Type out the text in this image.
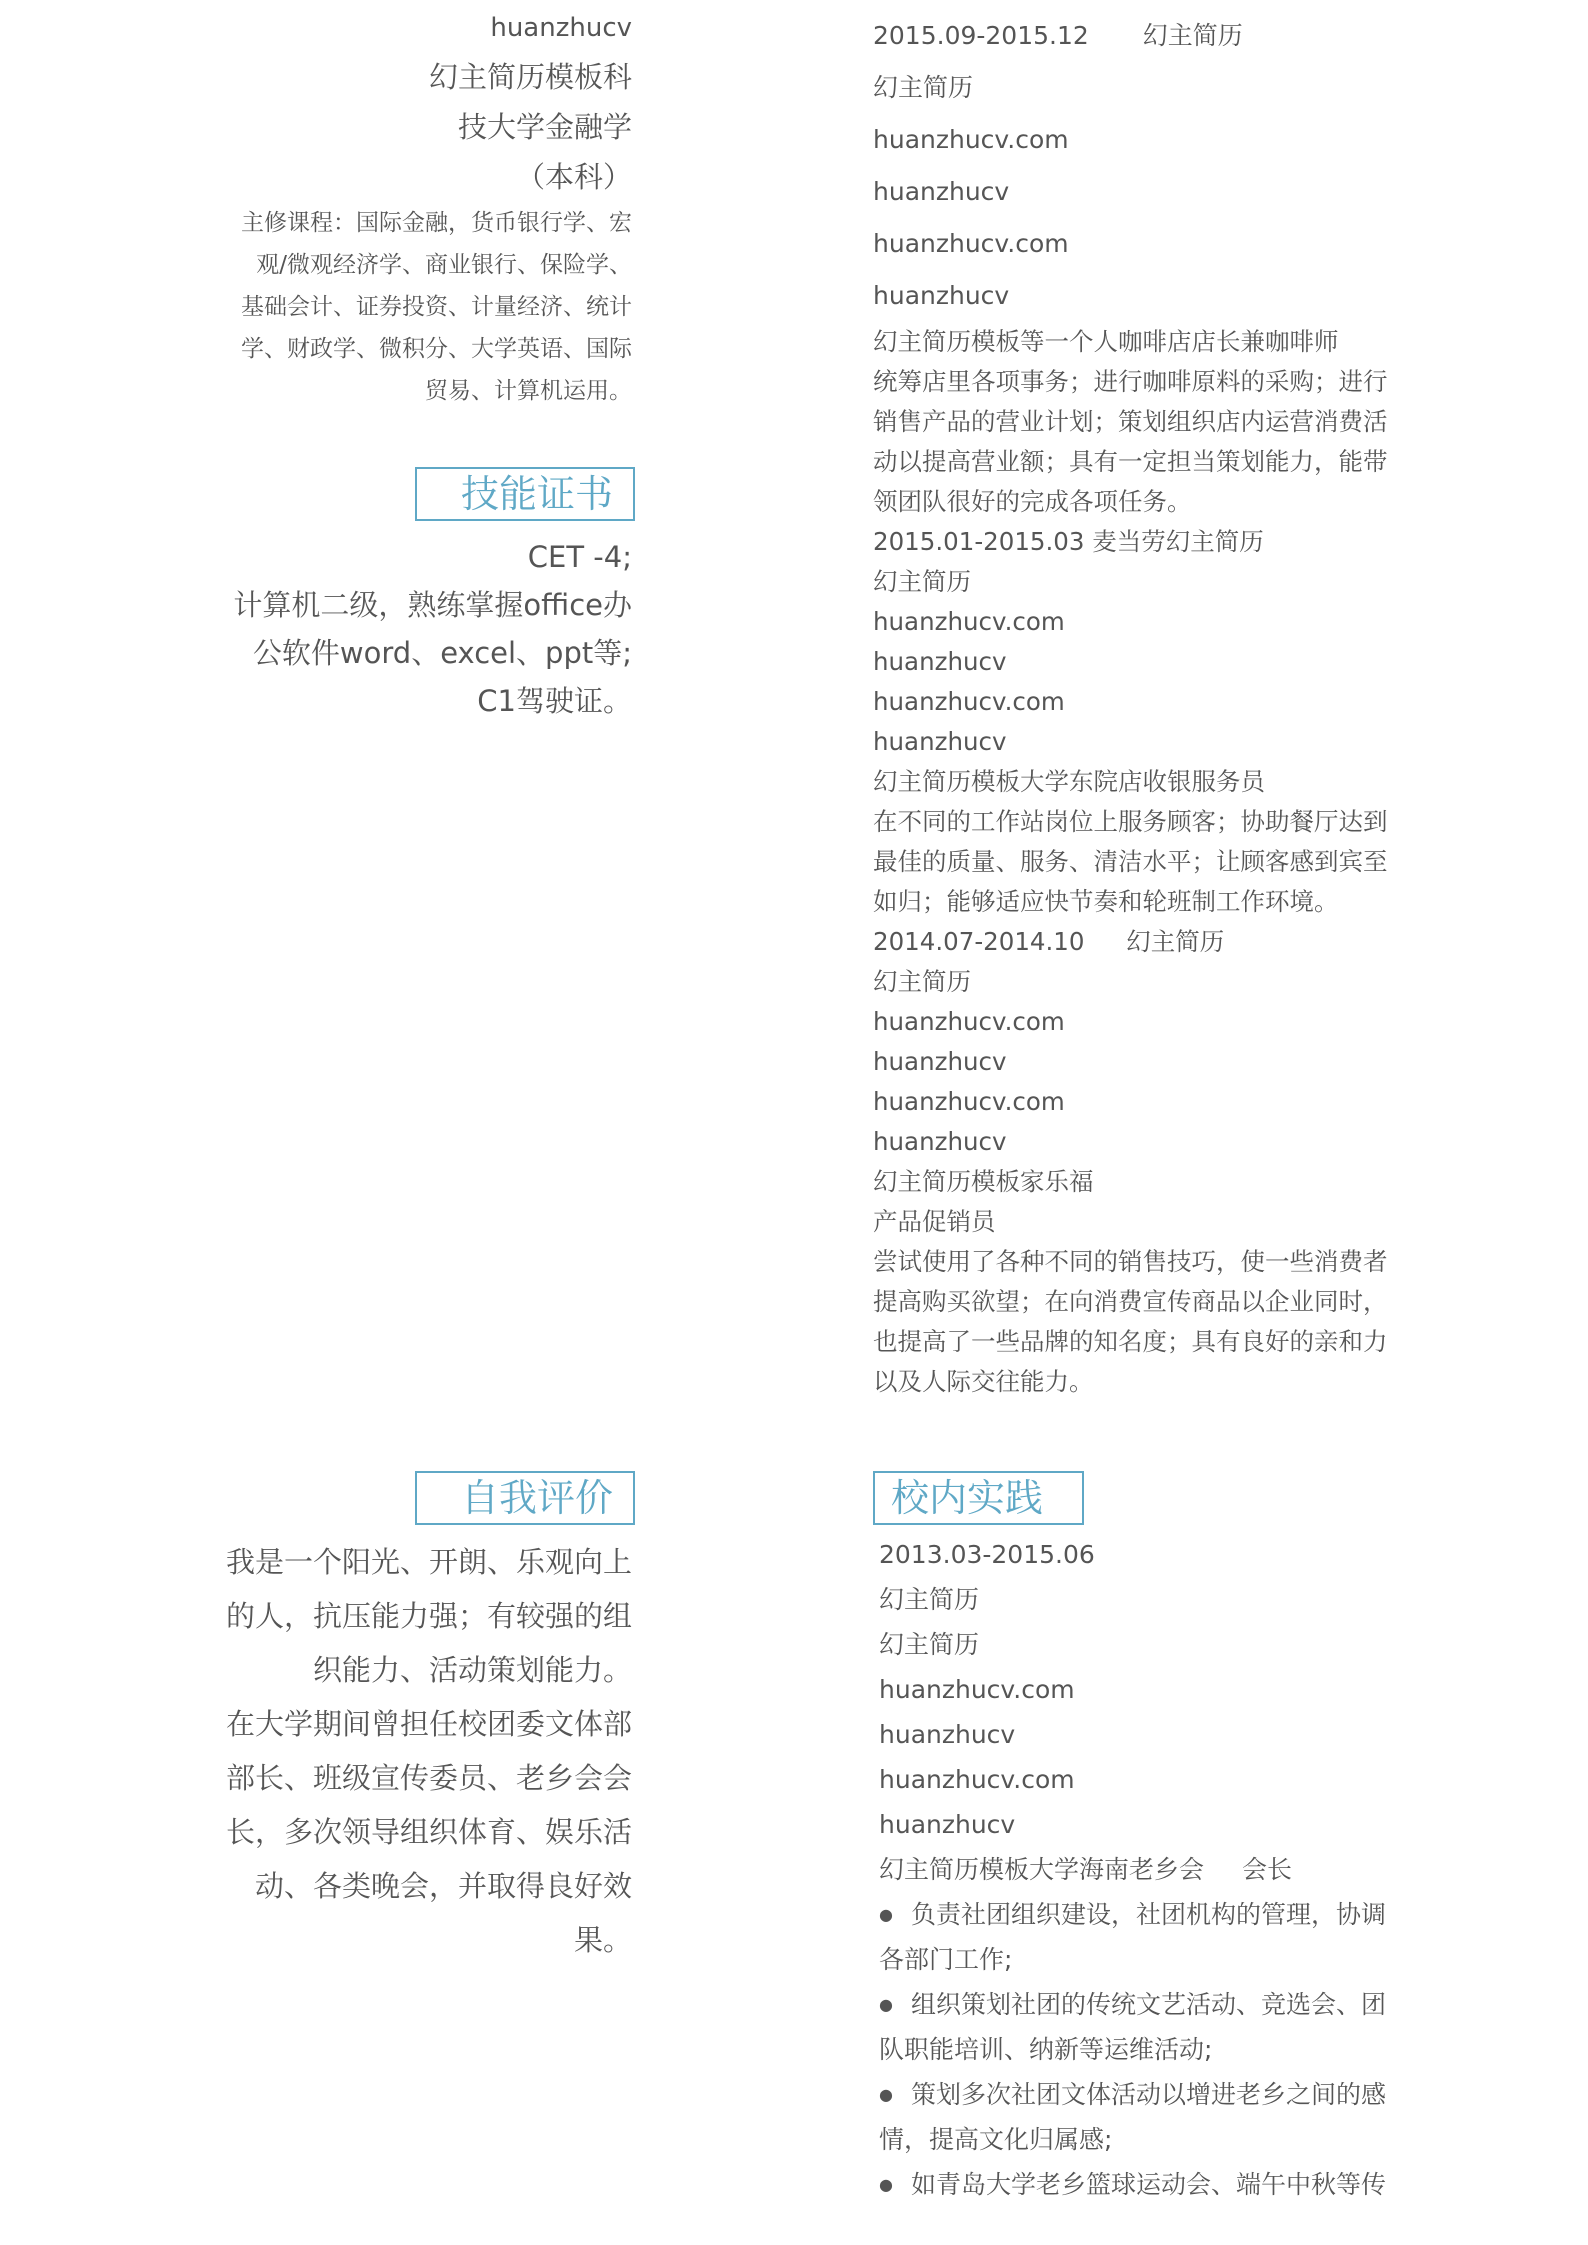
huanzhucv
幻主简历模板科
技大学金融学
（本科）
主修课程：国际金融，货币银行学、宏
观/微观经济学、商业银行、保险学、
基础会计、证券投资、计量经济、统计
学、财政学、微积分、大学英语、国际
贸易、计算机运用。
技能证书
CET -4;
计算机二级，熟练掌握office办
公软件word、excel、ppt等;
C1驾驶证。
自我评价
我是一个阳光、开朗、乐观向上
的人，抗压能力强；有较强的组
织能力、活动策划能力。
在大学期间曾担任校团委文体部
部长、班级宣传委员、老乡会会
长，多次领导组织体育、娱乐活
动、各类晚会，并取得良好效
果。
2015.09-2015.12 幻主简历
幻主简历
huanzhucv.com
huanzhucv
huanzhucv.com
huanzhucv
幻主简历模板等一个人咖啡店店长兼咖啡师
统筹店里各项事务；进行咖啡原料的采购；进行
销售产品的营业计划；策划组织店内运营消费活
动以提高营业额；具有一定担当策划能力，能带
领团队很好的完成各项任务。
2015.01-2015.03 麦当劳幻主简历
幻主简历
huanzhucv.com
huanzhucv
huanzhucv.com
huanzhucv
幻主简历模板大学东院店收银服务员
在不同的工作站岗位上服务顾客；协助餐厅达到
最佳的质量、服务、清洁水平；让顾客感到宾至
如归；能够适应快节奏和轮班制工作环境。
2014.07-2014.10 幻主简历
幻主简历
huanzhucv.com
huanzhucv
huanzhucv.com
huanzhucv
幻主简历模板家乐福
产品促销员
尝试使用了各种不同的销售技巧，使一些消费者
提高购买欲望；在向消费宣传商品以企业同时，
也提高了一些品牌的知名度；具有良好的亲和力
以及人际交往能力。
校内实践
2013.03-2015.06
幻主简历
幻主简历
huanzhucv.com
huanzhucv
huanzhucv.com
huanzhucv
幻主简历模板大学海南老乡会 会长
● 负责社团组织建设，社团机构的管理，协调
各部门工作;
● 组织策划社团的传统文艺活动、竞选会、团
队职能培训、纳新等运维活动;
● 策划多次社团文体活动以增进老乡之间的感
情，提高文化归属感;
● 如青岛大学老乡篮球运动会、端午中秋等传
